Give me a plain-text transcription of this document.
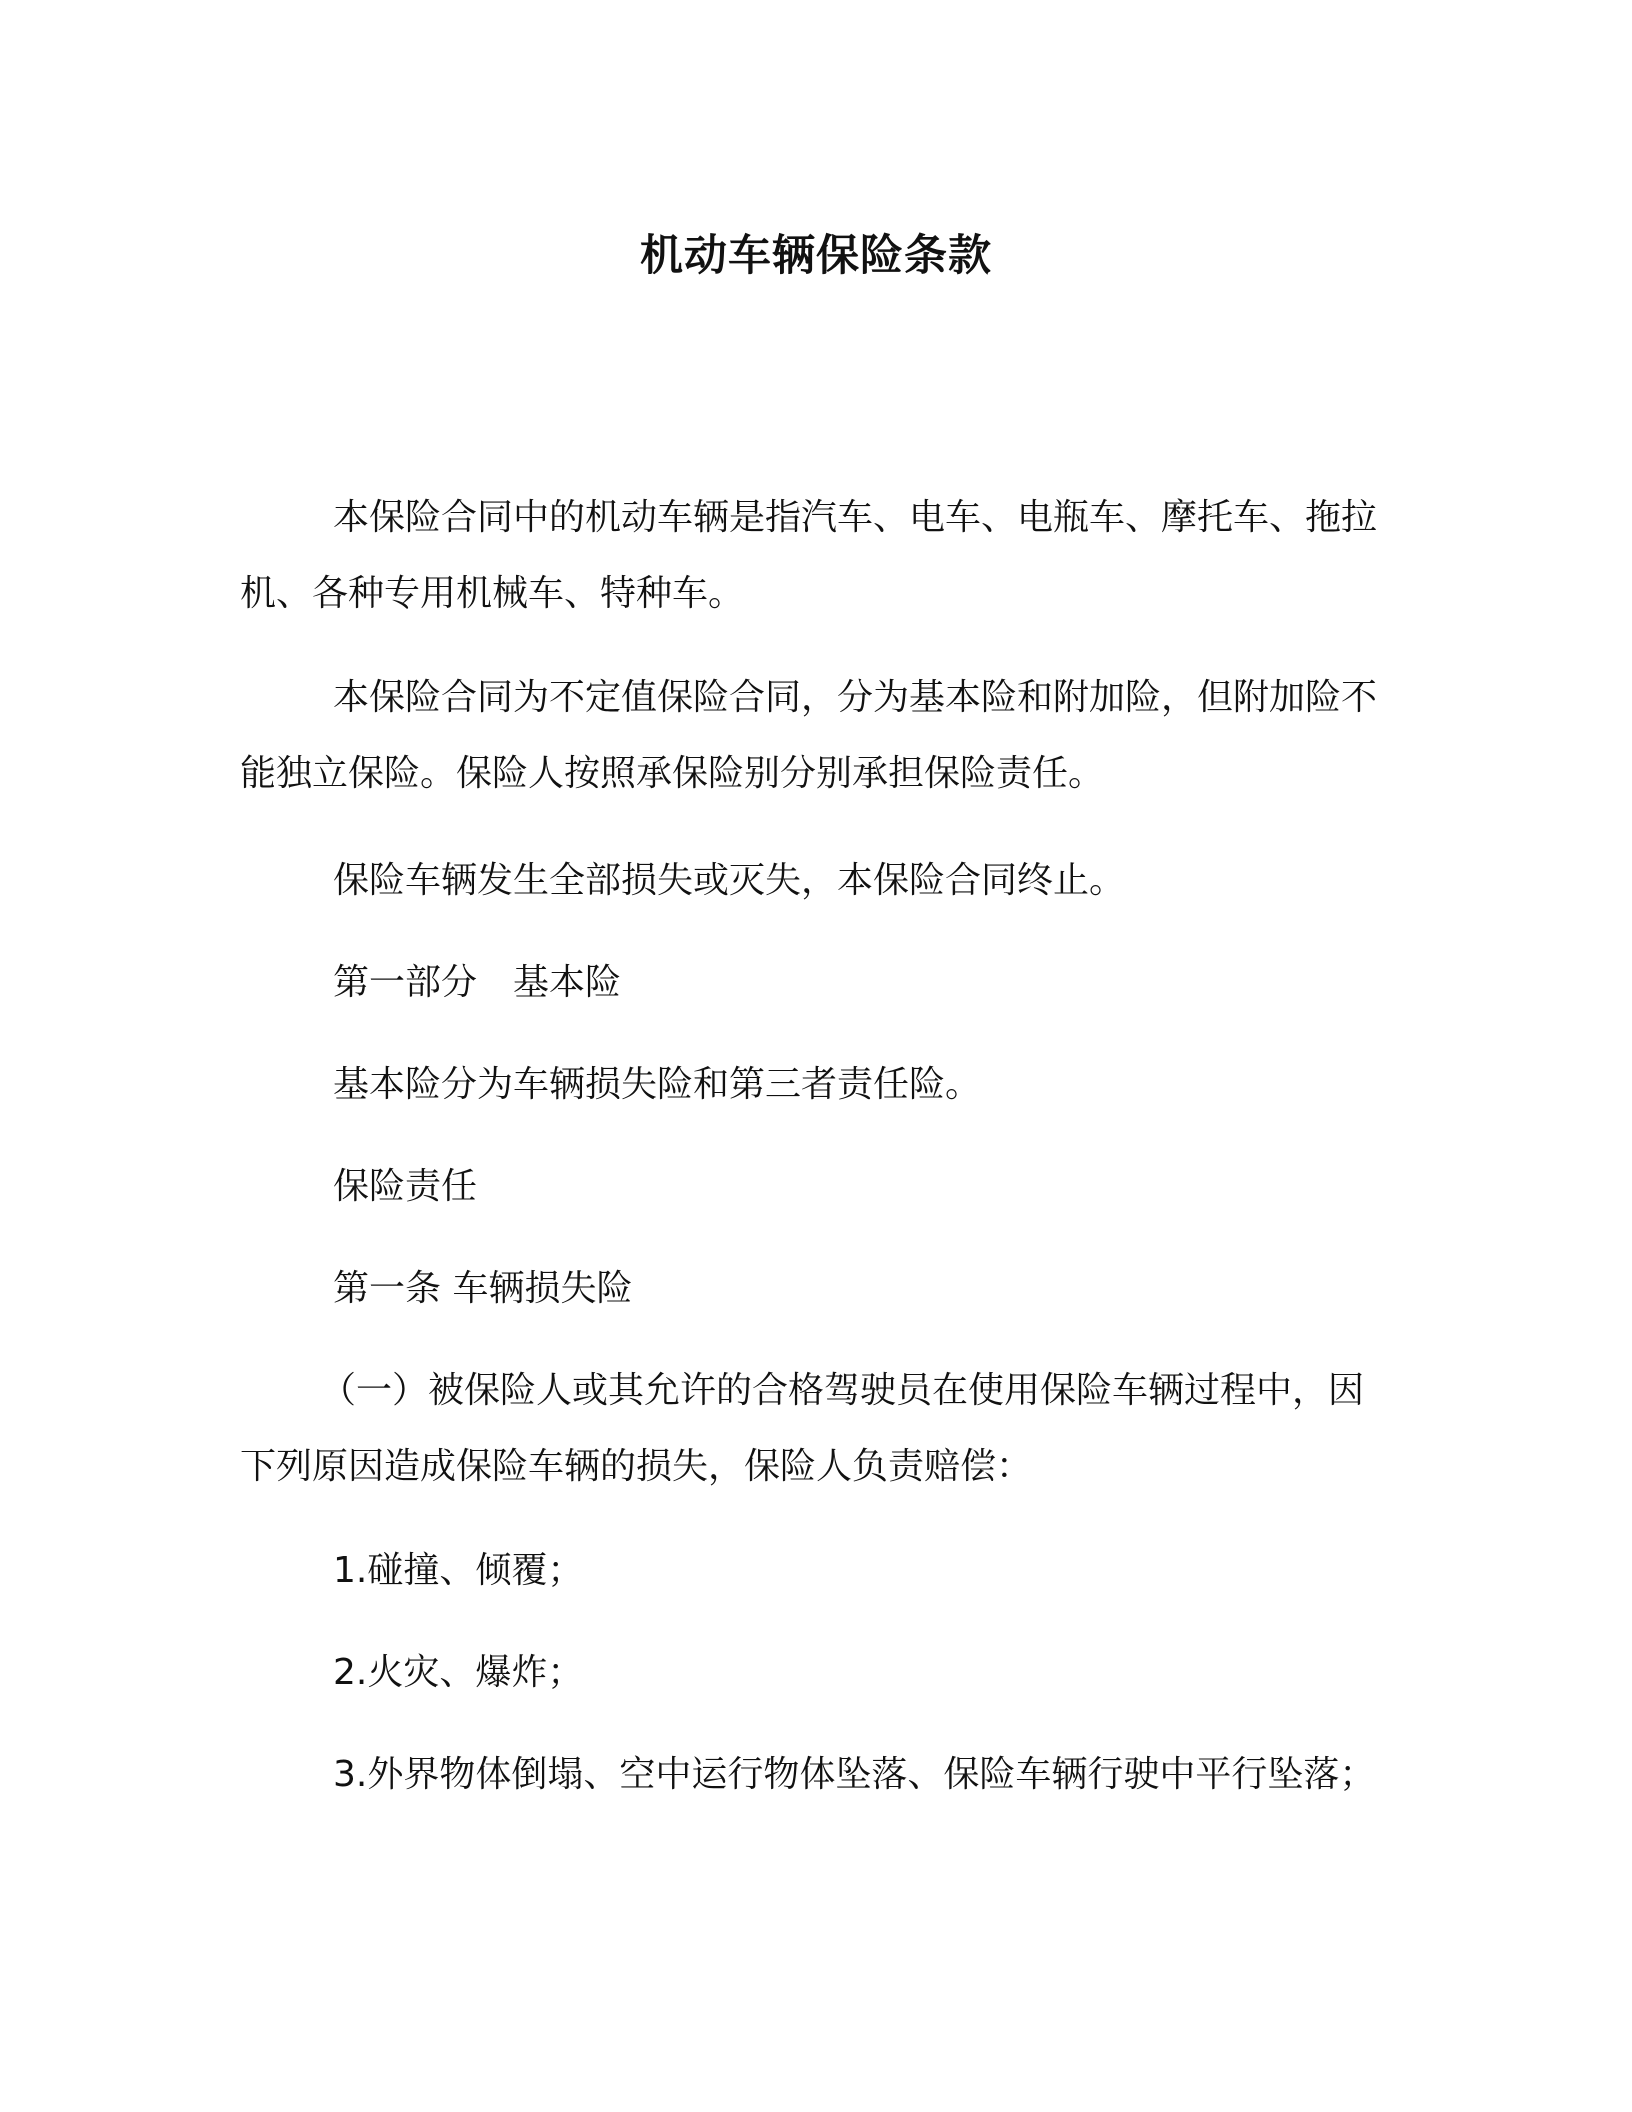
机动车辆保险条款
本保险合同中的机动车辆是指汽车、电车、电瓶车、摩托车、拖拉机、各种专用机械车、特种车。
本保险合同为不定值保险合同，分为基本险和附加险，但附加险不能独立保险。保险人按照承保险别分别承担保险责任。
保险车辆发生全部损失或灭失，本保险合同终止。
第一部分　基本险
基本险分为车辆损失险和第三者责任险。
保险责任
第一条 车辆损失险
（一）被保险人或其允许的合格驾驶员在使用保险车辆过程中，因下列原因造成保险车辆的损失，保险人负责赔偿：
1.碰撞、倾覆；
2.火灾、爆炸；
3.外界物体倒塌、空中运行物体坠落、保险车辆行驶中平行坠落；
